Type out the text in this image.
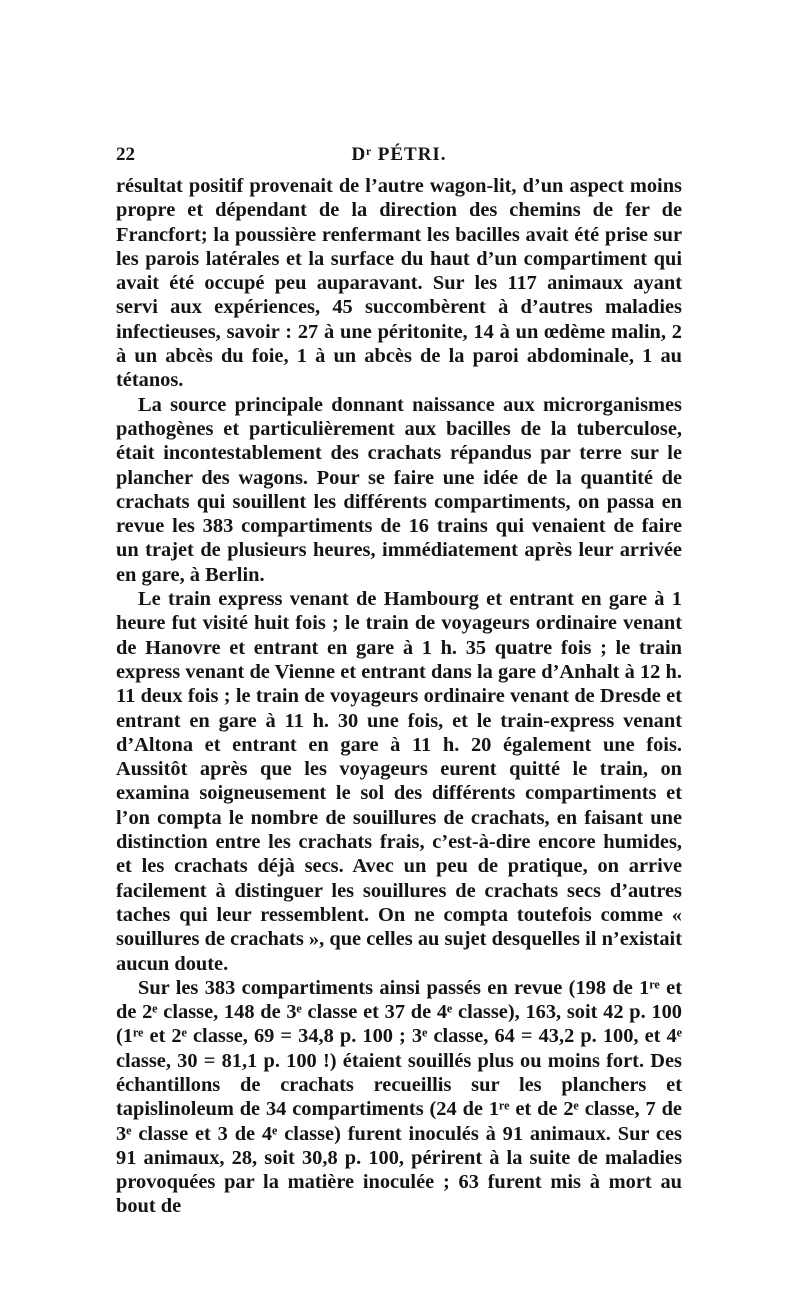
22	Dʳ PÉTRI.

résultat positif provenait de l’autre wagon-lit, d’un aspect moins propre et dépendant de la direction des chemins de fer de Francfort; la poussière renfermant les bacilles avait été prise sur les parois latérales et la surface du haut d’un compartiment qui avait été occupé peu auparavant. Sur les 117 animaux ayant servi aux expériences, 45 succombèrent à d’autres maladies infectieuses, savoir : 27 à une péritonite, 14 à un œdème malin, 2 à un abcès du foie, 1 à un abcès de la paroi abdominale, 1 au tétanos.

La source principale donnant naissance aux microrganismes pathogènes et particulièrement aux bacilles de la tuberculose, était incontestablement des crachats répandus par terre sur le plancher des wagons. Pour se faire une idée de la quantité de crachats qui souillent les différents compartiments, on passa en revue les 383 compartiments de 16 trains qui venaient de faire un trajet de plusieurs heures, immédiatement après leur arrivée en gare, à Berlin.

Le train express venant de Hambourg et entrant en gare à 1 heure fut visité huit fois ; le train de voyageurs ordinaire venant de Hanovre et entrant en gare à 1 h. 35 quatre fois ; le train express venant de Vienne et entrant dans la gare d’Anhalt à 12 h. 11 deux fois ; le train de voyageurs ordinaire venant de Dresde et entrant en gare à 11 h. 30 une fois, et le train-express venant d’Altona et entrant en gare à 11 h. 20 également une fois. Aussitôt après que les voyageurs eurent quitté le train, on examina soigneusement le sol des différents compartiments et l’on compta le nombre de souillures de crachats, en faisant une distinction entre les crachats frais, c’est-à-dire encore humides, et les crachats déjà secs. Avec un peu de pratique, on arrive facilement à distinguer les souillures de crachats secs d’autres taches qui leur ressemblent. On ne compta toutefois comme « souillures de crachats », que celles au sujet desquelles il n’existait aucun doute.

Sur les 383 compartiments ainsi passés en revue (198 de 1ʳᵉ et de 2ᵉ classe, 148 de 3ᵉ classe et 37 de 4ᵉ classe), 163, soit 42 p. 100 (1ʳᵉ et 2ᵉ classe, 69 = 34,8 p. 100 ; 3ᵉ classe, 64 = 43,2 p. 100, et 4ᵉ classe, 30 = 81,1 p. 100 !) étaient souillés plus ou moins fort. Des échantillons de crachats recueillis sur les planchers et tapislinoleum de 34 compartiments (24 de 1ʳᵉ et de 2ᵉ classe, 7 de 3ᵉ classe et 3 de 4ᵉ classe) furent inoculés à 91 animaux. Sur ces 91 animaux, 28, soit 30,8 p. 100, périrent à la suite de maladies provoquées par la matière inoculée ; 63 furent mis à mort au bout de
